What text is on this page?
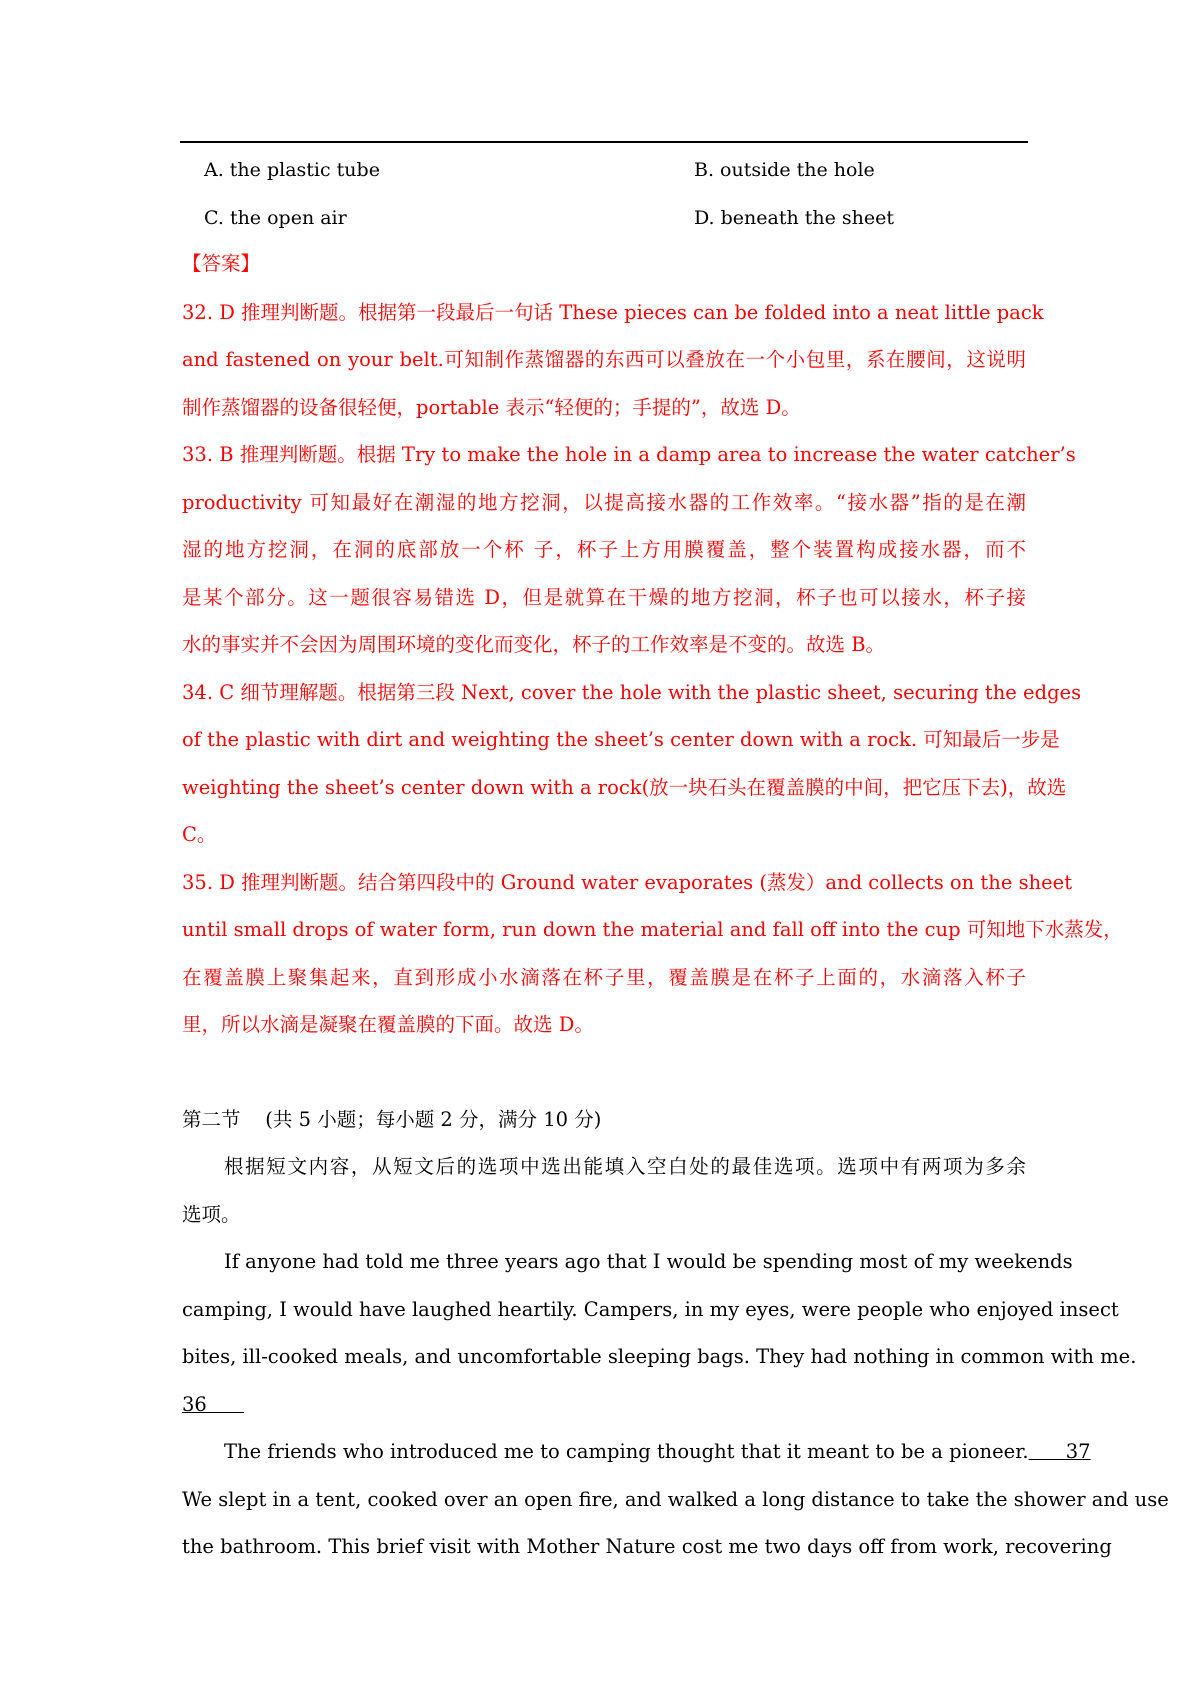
A. the plastic tube	B. outside the hole
C. the open air	D. beneath the sheet
【答案】
32. D 推理判断题。根据第一段最后一句话 These pieces can be folded into a neat little pack
and fastened on your belt.可知制作蒸馏器的东西可以叠放在一个小包里，系在腰间，这说明
制作蒸馏器的设备很轻便，portable 表示“轻便的；手提的”，故选 D。
33. B 推理判断题。根据 Try to make the hole in a damp area to increase the water catcher’s
productivity 可知最好在潮湿的地方挖洞，以提高接水器的工作效率。“接水器”指的是在潮
湿的地方挖洞，在洞的底部放一个杯 子，杯子上方用膜覆盖，整个装置构成接水器，而不
是某个部分。这一题很容易错选 D，但是就算在干燥的地方挖洞，杯子也可以接水，杯子接
水的事实并不会因为周围环境的变化而变化，杯子的工作效率是不变的。故选 B。
34. C 细节理解题。根据第三段 Next, cover the hole with the plastic sheet, securing the edges
of the plastic with dirt and weighting the sheet’s center down with a rock. 可知最后一步是
weighting the sheet’s center down with a rock(放一块石头在覆盖膜的中间，把它压下去)，故选
C。
35. D 推理判断题。结合第四段中的 Ground water evaporates (蒸发）and collects on the sheet
until small drops of water form, run down the material and fall off into the cup 可知地下水蒸发，
在覆盖膜上聚集起来，直到形成小水滴落在杯子里，覆盖膜是在杯子上面的，水滴落入杯子
里，所以水滴是凝聚在覆盖膜的下面。故选 D。
第二节    (共 5 小题；每小题 2 分，满分 10 分)
根据短文内容，从短文后的选项中选出能填入空白处的最佳选项。选项中有两项为多余
选项。
If anyone had told me three years ago that I would be spending most of my weekends
camping, I would have laughed heartily. Campers, in my eyes, were people who enjoyed insect
bites, ill-cooked meals, and uncomfortable sleeping bags. They had nothing in common with me.
36
The friends who introduced me to camping thought that it meant to be a pioneer. 37
We slept in a tent, cooked over an open fire, and walked a long distance to take the shower and use
the bathroom. This brief visit with Mother Nature cost me two days off from work, recovering
